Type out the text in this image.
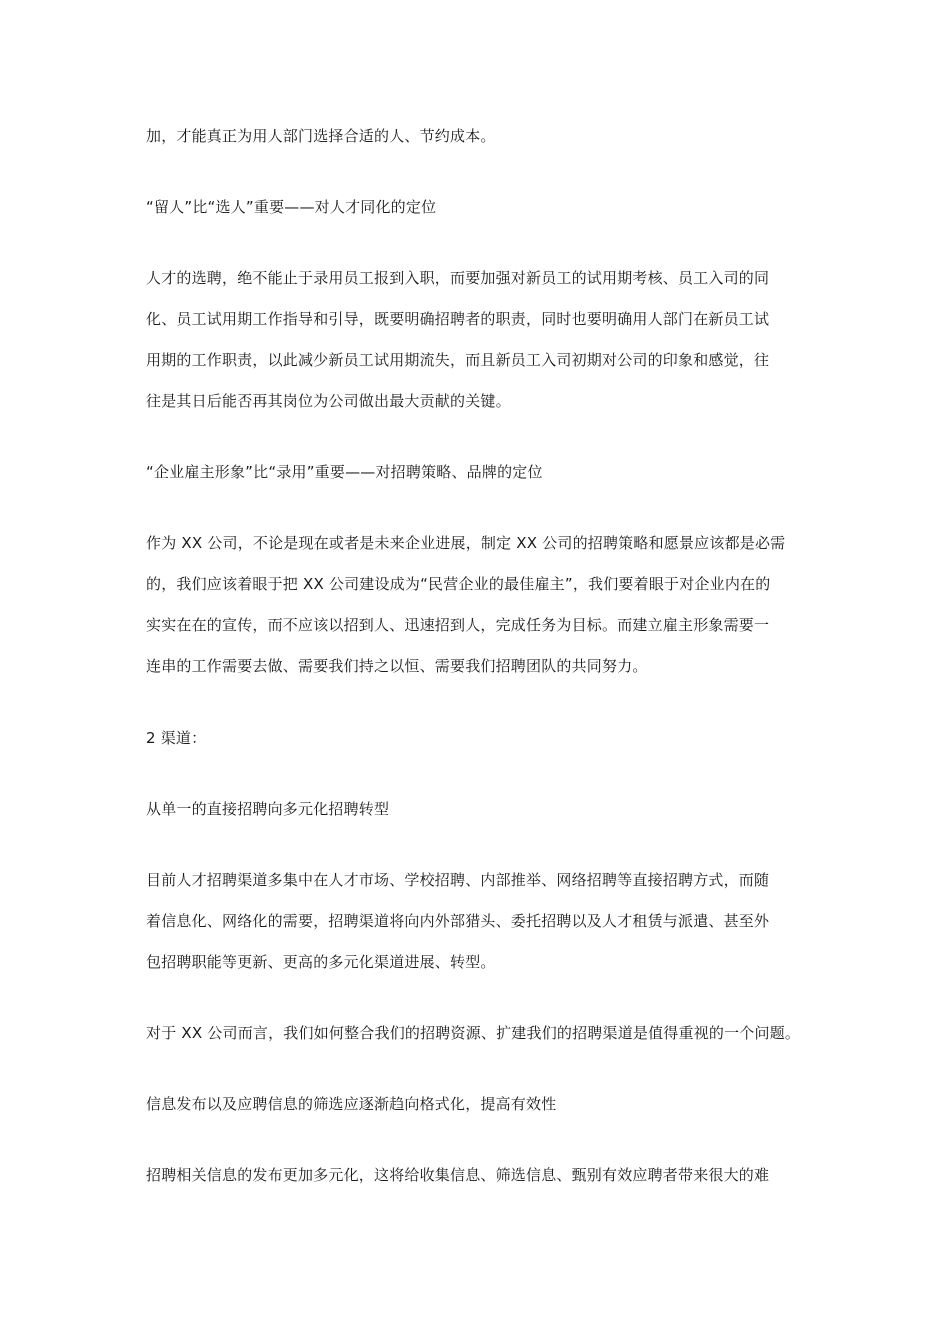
加，才能真正为用人部门选择合适的人、节约成本。
“留人”比“选人”重要——对人才同化的定位
人才的选聘，绝不能止于录用员工报到入职，而要加强对新员工的试用期考核、员工入司的同
化、员工试用期工作指导和引导，既要明确招聘者的职责，同时也要明确用人部门在新员工试
用期的工作职责，以此减少新员工试用期流失，而且新员工入司初期对公司的印象和感觉，往
往是其日后能否再其岗位为公司做出最大贡献的关键。
“企业雇主形象”比“录用”重要——对招聘策略、品牌的定位
作为 XX 公司，不论是现在或者是未来企业进展，制定 XX 公司的招聘策略和愿景应该都是必需
的，我们应该着眼于把 XX 公司建设成为“民营企业的最佳雇主”，我们要着眼于对企业内在的
实实在在的宣传，而不应该以招到人、迅速招到人，完成任务为目标。而建立雇主形象需要一
连串的工作需要去做、需要我们持之以恒、需要我们招聘团队的共同努力。
2 渠道：
从单一的直接招聘向多元化招聘转型
目前人才招聘渠道多集中在人才市场、学校招聘、内部推举、网络招聘等直接招聘方式，而随
着信息化、网络化的需要，招聘渠道将向内外部猎头、委托招聘以及人才租赁与派遣、甚至外
包招聘职能等更新、更高的多元化渠道进展、转型。
对于 XX 公司而言，我们如何整合我们的招聘资源、扩建我们的招聘渠道是值得重视的一个问题。
信息发布以及应聘信息的筛选应逐渐趋向格式化，提高有效性
招聘相关信息的发布更加多元化，这将给收集信息、筛选信息、甄别有效应聘者带来很大的难
